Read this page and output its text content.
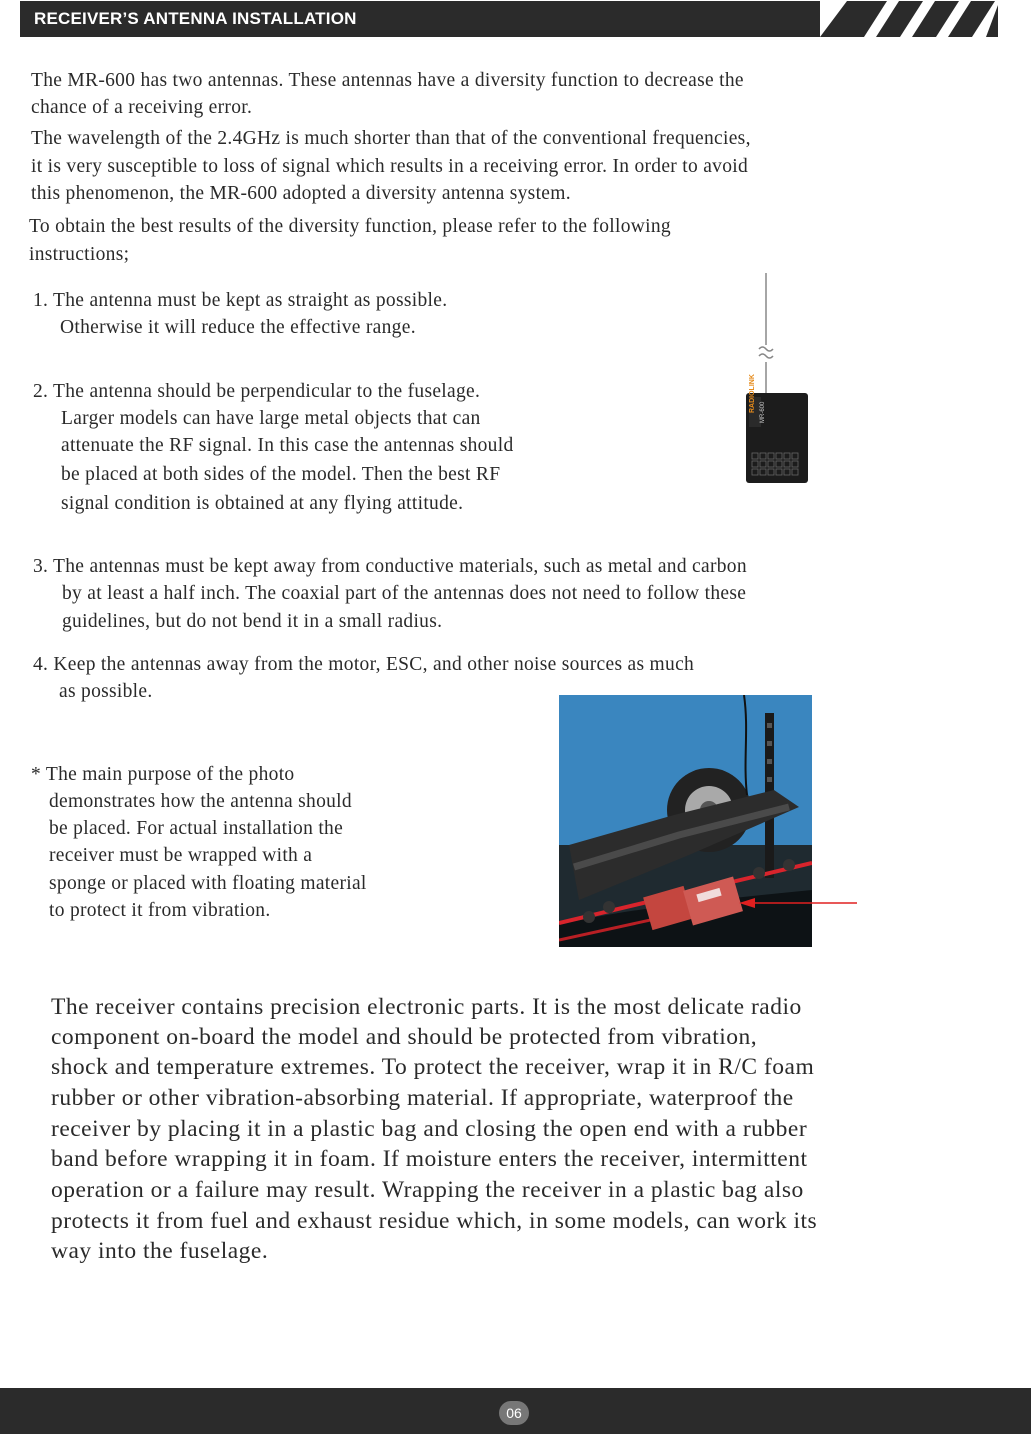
RECEIVER’S ANTENNA INSTALLATION

The MR-600 has two antennas. These antennas have a diversity function to decrease the

chance of a receiving error.

The wavelength of the 2.4GHz is much shorter than that of the conventional frequencies,

it is very susceptible to loss of signal which results in a receiving error. In order to avoid

this phenomenon, the MR-600 adopted a diversity antenna system.

To obtain the best results of the diversity function, please refer to the following

instructions;

1. The antenna must be kept as straight as possible.

Otherwise it will reduce the effective range.

2. The antenna should be perpendicular to the fuselage.

Larger models can have large metal objects that can

attenuate the RF signal. In this case the antennas should

be placed at both sides of the model. Then the best RF

signal condition is obtained at any flying attitude.

RADIOLINK MR-600

3. The antennas must be kept away from conductive materials, such as metal and carbon

by at least a half inch. The coaxial part of the antennas does not need to follow these

guidelines, but do not bend it in a small radius.

4. Keep the antennas away from the motor, ESC, and other noise sources as much

as possible.

* The main purpose of the photo

demonstrates how the antenna should

be placed. For actual installation the

receiver must be wrapped with a

sponge or placed with floating material

to protect it from vibration.

The receiver contains precision electronic parts. It is the most delicate radio

component on-board the model and should be protected from vibration,

shock and temperature extremes. To protect the receiver, wrap it in R/C foam

rubber or other vibration-absorbing material. If appropriate, waterproof the

receiver by placing it in a plastic bag and closing the open end with a rubber

band before wrapping it in foam. If moisture enters the receiver, intermittent

operation or a failure may result. Wrapping the receiver in a plastic bag also

protects it from fuel and exhaust residue which, in some models, can work its

way into the fuselage.

06
